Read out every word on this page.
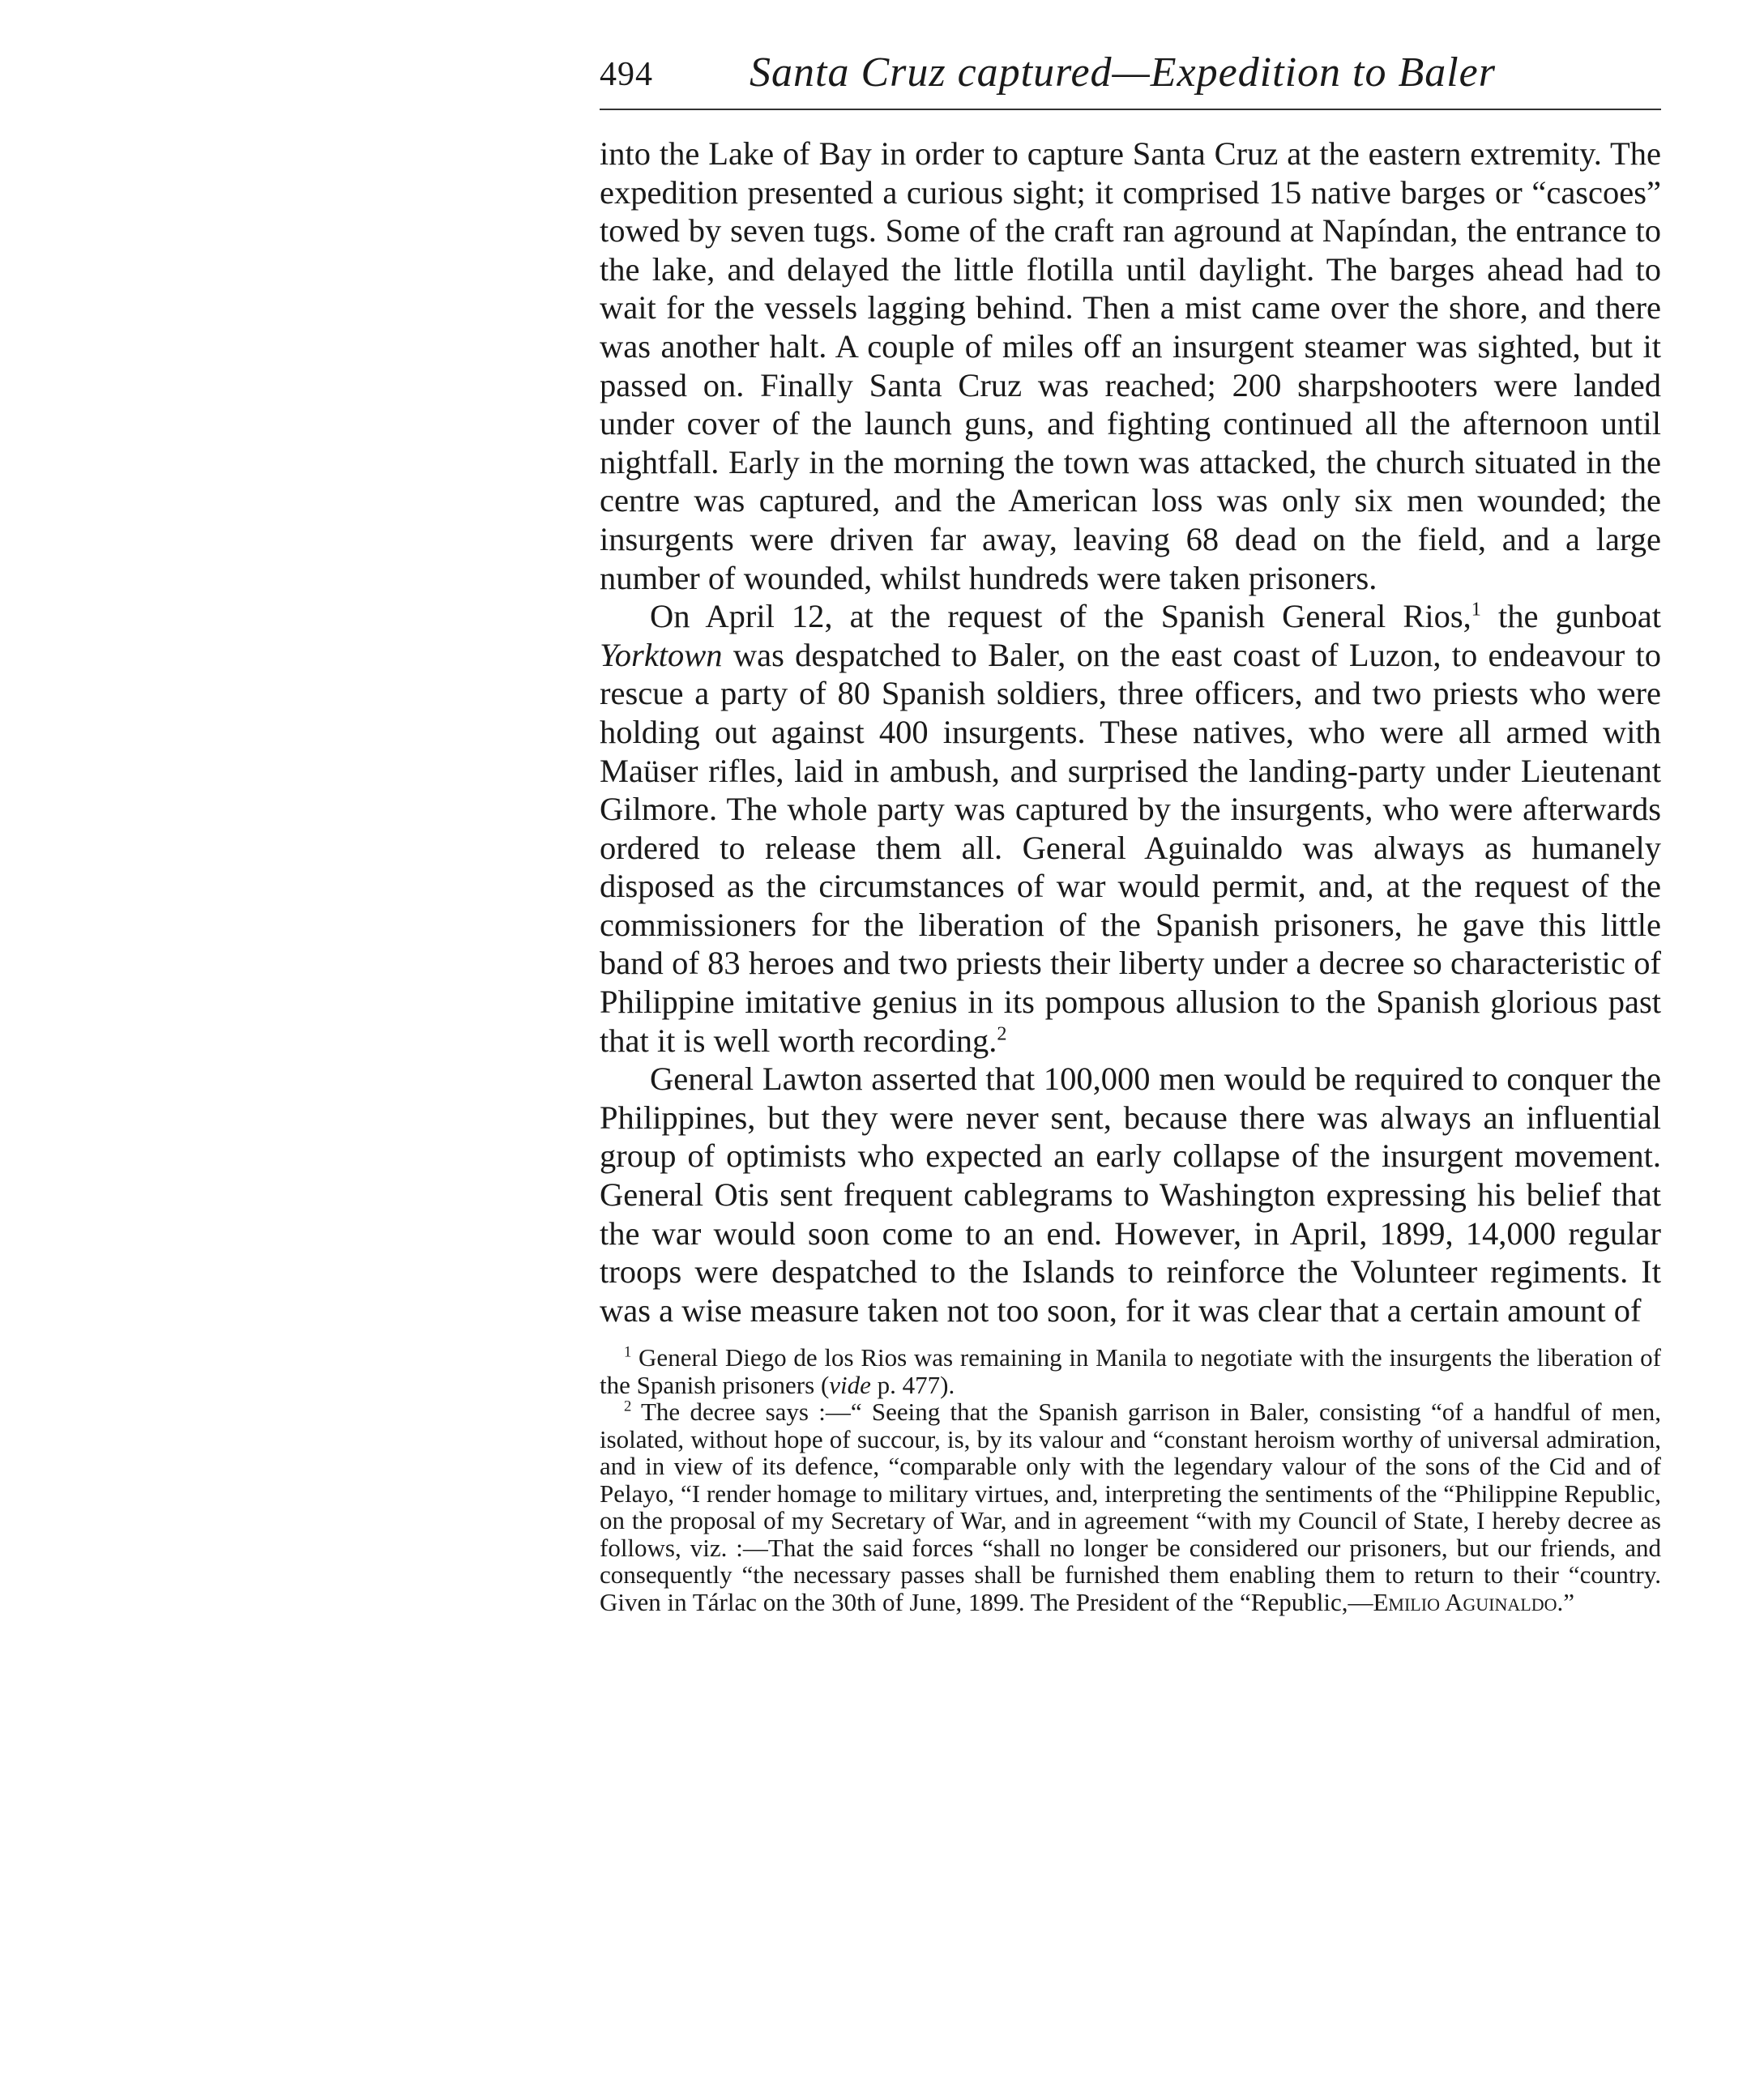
494 Santa Cruz captured—Expedition to Baler

into the Lake of Bay in order to capture Santa Cruz at the eastern extremity. The expedition presented a curious sight; it comprised 15 native barges or “cascoes” towed by seven tugs. Some of the craft ran aground at Napíndan, the entrance to the lake, and delayed the little flotilla until daylight. The barges ahead had to wait for the vessels lagging behind. Then a mist came over the shore, and there was another halt. A couple of miles off an insurgent steamer was sighted, but it passed on. Finally Santa Cruz was reached; 200 sharpshooters were landed under cover of the launch guns, and fighting continued all the afternoon until nightfall. Early in the morning the town was attacked, the church situated in the centre was captured, and the American loss was only six men wounded; the insurgents were driven far away, leaving 68 dead on the field, and a large number of wounded, whilst hundreds were taken prisoners.

On April 12, at the request of the Spanish General Rios,$^1$ the gunboat Yorktown was despatched to Baler, on the east coast of Luzon, to endeavour to rescue a party of 80 Spanish soldiers, three officers, and two priests who were holding out against 400 insurgents. These natives, who were all armed with Maüser rifles, laid in ambush, and surprised the landing-party under Lieutenant Gilmore. The whole party was captured by the insurgents, who were afterwards ordered to release them all. General Aguinaldo was always as humanely disposed as the circumstances of war would permit, and, at the request of the commissioners for the liberation of the Spanish prisoners, he gave this little band of 83 heroes and two priests their liberty under a decree so characteristic of Philippine imitative genius in its pompous allusion to the Spanish glorious past that it is well worth recording.$^2$

General Lawton asserted that 100,000 men would be required to conquer the Philippines, but they were never sent, because there was always an influential group of optimists who expected an early collapse of the insurgent movement. General Otis sent frequent cablegrams to Washington expressing his belief that the war would soon come to an end. However, in April, 1899, 14,000 regular troops were despatched to the Islands to reinforce the Volunteer regiments. It was a wise measure taken not too soon, for it was clear that a certain amount of

$^1$ General Diego de los Rios was remaining in Manila to negotiate with the insurgents the liberation of the Spanish prisoners (vide p. 477).

$^2$ The decree says :—“ Seeing that the Spanish garrison in Baler, consisting “of a handful of men, isolated, without hope of succour, is, by its valour and “constant heroism worthy of universal admiration, and in view of its defence, “comparable only with the legendary valour of the sons of the Cid and of Pelayo, “I render homage to military virtues, and, interpreting the sentiments of the “Philippine Republic, on the proposal of my Secretary of War, and in agreement “with my Council of State, I hereby decree as follows, viz. :—That the said forces “shall no longer be considered our prisoners, but our friends, and consequently “the necessary passes shall be furnished them enabling them to return to their “country. Given in Tárlac on the 30th of June, 1899. The President of the “Republic,—Emilio Aguinaldo.”
